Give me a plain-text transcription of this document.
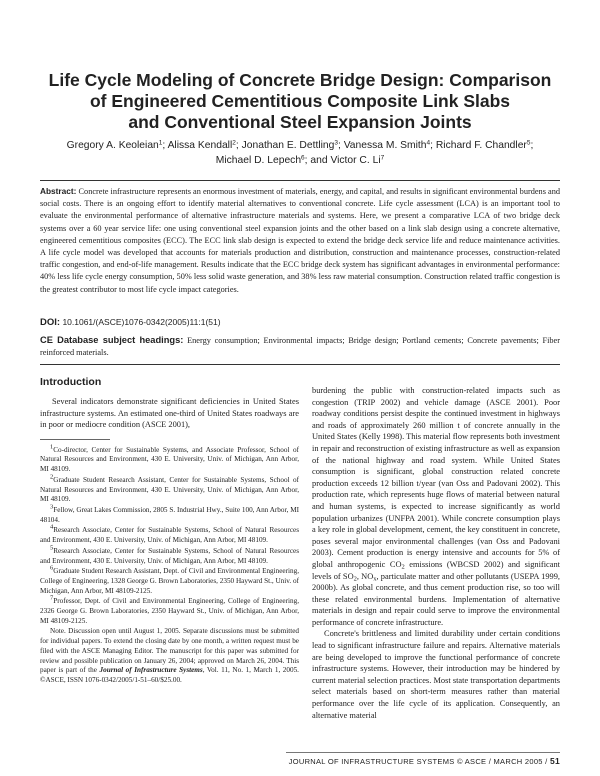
Life Cycle Modeling of Concrete Bridge Design: Comparison
of Engineered Cementitious Composite Link Slabs
and Conventional Steel Expansion Joints
Gregory A. Keoleian$^1$; Alissa Kendall$^2$; Jonathan E. Dettling$^3$; Vanessa M. Smith$^4$; Richard F. Chandler$^5$;
Michael D. Lepech$^6$; and Victor C. Li$^7$
Abstract: Concrete infrastructure represents an enormous investment of materials, energy, and capital, and results in significant environmental burdens and social costs. There is an ongoing effort to identify material alternatives to conventional concrete. Life cycle assessment (LCA) is an important tool to evaluate the environmental performance of alternative infrastructure materials and systems. Here, we present a comparative LCA of two bridge deck systems over a 60 year service life: one using conventional steel expansion joints and the other based on a link slab design using a concrete alternative, engineered cementitious composites (ECC). The ECC link slab design is expected to extend the bridge deck service life and reduce maintenance activities. A life cycle model was developed that accounts for materials production and distribution, construction and maintenance processes, construction-related traffic congestion, and end-of-life management. Results indicate that the ECC bridge deck system has significant advantages in environmental performance: 40% less life cycle energy consumption, 50% less solid waste generation, and 38% less raw material consumption. Construction related traffic congestion is the greatest contributor to most life cycle impact categories.
DOI: 10.1061/(ASCE)1076-0342(2005)11:1(51)
CE Database subject headings: Energy consumption; Environmental impacts; Bridge design; Portland cements; Concrete pavements; Fiber reinforced materials.
Introduction

Several indicators demonstrate significant deficiencies in United States infrastructure systems. An estimated one-third of United States roadways are in poor or mediocre condition (ASCE 2001),

$^1$Co-director, Center for Sustainable Systems, and Associate Professor, School of Natural Resources and Environment, 430 E. University, Univ. of Michigan, Ann Arbor, MI 48109.

$^2$Graduate Student Research Assistant, Center for Sustainable Systems, School of Natural Resources and Environment, 430 E. University, Univ. of Michigan, Ann Arbor, MI 48109.

$^3$Fellow, Great Lakes Commission, 2805 S. Industrial Hwy., Suite 100, Ann Arbor, MI 48104.

$^4$Research Associate, Center for Sustainable Systems, School of Natural Resources and Environment, 430 E. University, Univ. of Michigan, Ann Arbor, MI 48109.

$^5$Research Associate, Center for Sustainable Systems, School of Natural Resources and Environment, 430 E. University, Univ. of Michigan, Ann Arbor, MI 48109.

$^6$Graduate Student Research Assistant, Dept. of Civil and Environmental Engineering, College of Engineering, 1328 George G. Brown Laboratories, 2350 Hayward St., Univ. of Michigan, Ann Arbor, MI 48109-2125.

$^7$Professor, Dept. of Civil and Environmental Engineering, College of Engineering, 2326 George G. Brown Laboratories, 2350 Hayward St., Univ. of Michigan, Ann Arbor, MI 48109-2125.

Note. Discussion open until August 1, 2005. Separate discussions must be submitted for individual papers. To extend the closing date by one month, a written request must be filed with the ASCE Managing Editor. The manuscript for this paper was submitted for review and possible publication on January 26, 2004; approved on March 26, 2004. This paper is part of the Journal of Infrastructure Systems, Vol. 11, No. 1, March 1, 2005. ©ASCE, ISSN 1076-0342/2005/1-51–60/$25.00.

burdening the public with construction-related impacts such as congestion (TRIP 2002) and vehicle damage (ASCE 2001). Poor roadway conditions persist despite the continued investment in highways and roads of approximately 260 million t of concrete annually in the United States (Kelly 1998). This material flow represents both investment in repair and reconstruction of existing infrastructure as well as expansion of the national highway and road system. While United States consumption is significant, global construction related concrete production exceeds 12 billion t/year (van Oss and Padovani 2002). This production rate, which represents huge flows of material between natural and human systems, is expected to increase significantly as world population urbanizes (UNFPA 2001). While concrete consumption plays a key role in global development, cement, the key constituent in concrete, poses several major environmental challenges (van Oss and Padovani 2003). Cement production is energy intensive and accounts for 5% of global anthropogenic $CO_2$ emissions (WBCSD 2002) and significant levels of $SO_2$, $NO_x$, particulate matter and other pollutants (USEPA 1999, 2000b). As global concrete, and thus cement production rise, so too will these related environmental burdens. Implementation of alternative materials in design and repair could serve to improve the environmental performance of concrete infrastructure.

Concrete's brittleness and limited durability under certain conditions lead to significant infrastructure failure and repairs. Alternative materials are being developed to improve the functional performance of concrete infrastructure systems. However, their introduction may be hindered by current material selection practices. Most state transportation departments select materials based on short-term measures rather than material performance over the life cycle of its application. Consequently, an alternative material

JOURNAL OF INFRASTRUCTURE SYSTEMS © ASCE / MARCH 2005 / 51
